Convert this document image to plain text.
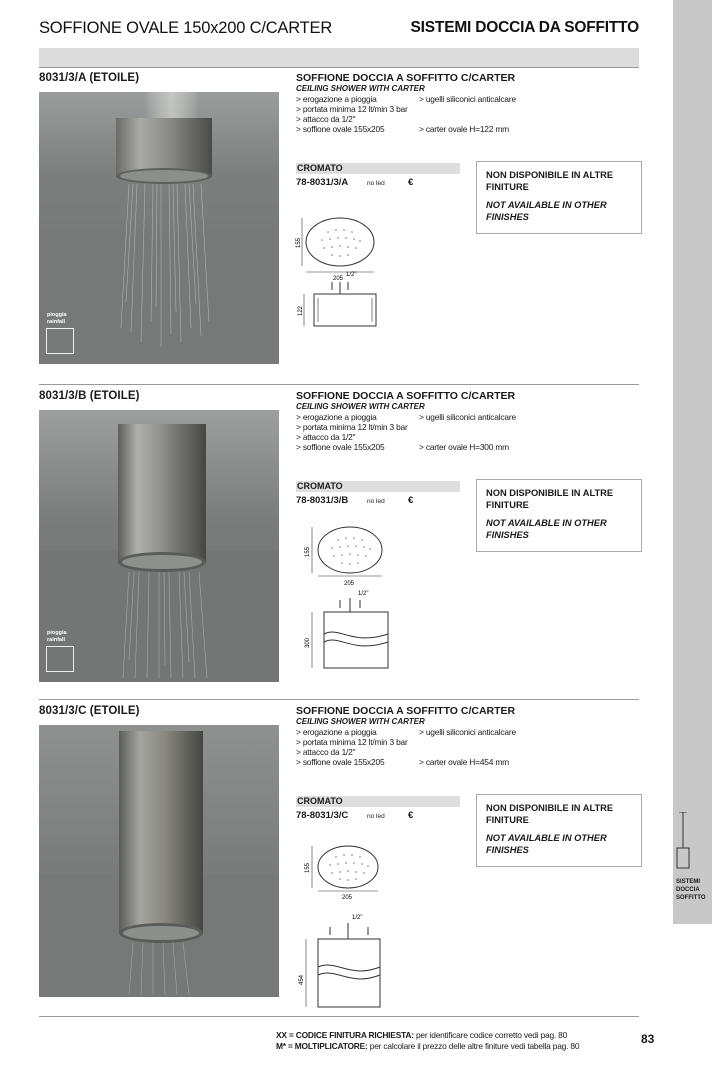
SISTEMI
DOCCIA
SOFFITTO
SOFFIONE OVALE 150x200 C/CARTER	SISTEMI DOCCIA DA SOFFITTO
8031/3/A (ETOILE)
pioggia
rainfall
SOFFIONE DOCCIA A SOFFITTO C/CARTER
CEILING SHOWER WITH CARTER
> erogazione a pioggia	> ugelli siliconici anticalcare
> portata minima 12 lt/min 3 bar
> attacco da 1/2"
> soffione ovale 155x205	> carter ovale H=122 mm
CROMATO
78-8031/3/A	no led €
NON DISPONIBILE IN ALTRE FINITURE
NOT AVAILABLE IN OTHER FINISHES
155
205
1/2"
122
8031/3/B (ETOILE)
pioggia
rainfall
SOFFIONE DOCCIA A SOFFITTO C/CARTER
CEILING SHOWER WITH CARTER
> erogazione a pioggia	> ugelli siliconici anticalcare
> portata minima 12 lt/min 3 bar
> attacco da 1/2"
> soffione ovale 155x205	> carter ovale H=300 mm
CROMATO
78-8031/3/B	no led €
NON DISPONIBILE IN ALTRE FINITURE
NOT AVAILABLE IN OTHER FINISHES
155
205
1/2"
300
8031/3/C (ETOILE)	SOFFIONE DOCCIA A SOFFITTO C/CARTER
CEILING SHOWER WITH CARTER
> erogazione a pioggia	> ugelli siliconici anticalcare
> portata minima 12 lt/min 3 bar
> attacco da 1/2"
> soffione ovale 155x205	> carter ovale H=454 mm
CROMATO
78-8031/3/C	no led €
NON DISPONIBILE IN ALTRE FINITURE
NOT AVAILABLE IN OTHER FINISHES
155
205
1/2"
454
XX = CODICE FINITURA RICHIESTA: per identificare codice corretto vedi pag. 80
M* = MOLTIPLICATORE: per calcolare il prezzo delle altre finiture vedi tabella pag. 80	83
